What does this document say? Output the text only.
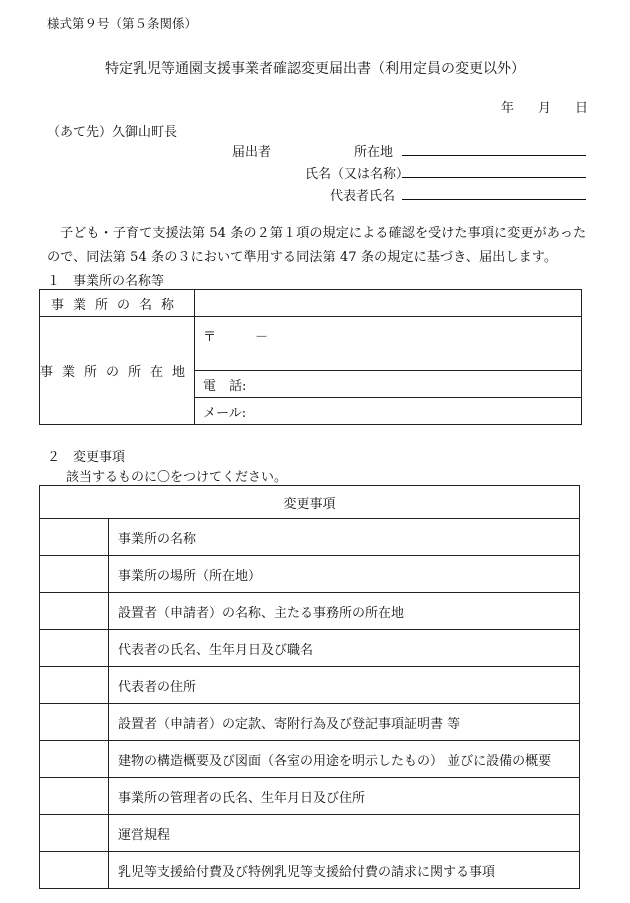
様式第９号（第５条関係）
特定乳児等通園支援事業者確認変更届出書（利用定員の変更以外）
年 月 日
（あて先）久御山町長
届出者	所在地
氏名（又は名称）
代表者氏名
子ども・子育て支援法第 54 条の２第１項の規定による確認を受けた事項に変更があったので、同法第 54 条の３において準用する同法第 47 条の規定に基づき、届出します。
１　事業所の名称等
事業所の名称	
事業所の所在地	〒　　　－
	電　話:
	メール:
２　変更事項
該当するものに〇をつけてください。
変更事項	
	事業所の名称
	事業所の場所（所在地）
	設置者（申請者）の名称、主たる事務所の所在地
	代表者の氏名、生年月日及び職名
	代表者の住所
	設置者（申請者）の定款、寄附行為及び登記事項証明書 等
	建物の構造概要及び図面（各室の用途を明示したもの） 並びに設備の概要
	事業所の管理者の氏名、生年月日及び住所
	運営規程
	乳児等支援給付費及び特例乳児等支援給付費の請求に関する事項
